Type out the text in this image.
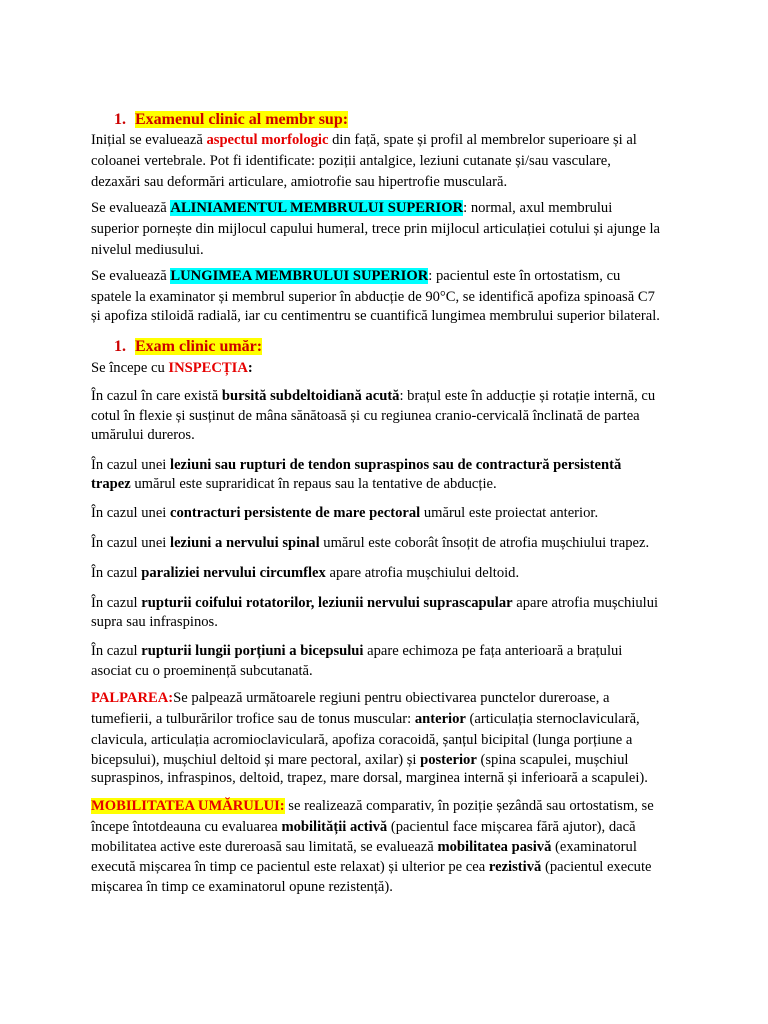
1. Examenul clinic al membr sup:
Inițial se evaluează aspectul morfologic din față, spate și profil al membrelor superioare și al
coloanei vertebrale. Pot fi identificate: poziții antalgice, leziuni cutanate și/sau vasculare,
dezaxări sau deformări articulare, amiotrofie sau hipertrofie musculară.
Se evaluează ALINIAMENTUL MEMBRULUI SUPERIOR: normal, axul membrului
superior pornește din mijlocul capului humeral, trece prin mijlocul articulației cotului și ajunge la
nivelul mediusului.
Se evaluează LUNGIMEA MEMBRULUI SUPERIOR: pacientul este în ortostatism, cu
spatele la examinator și membrul superior în abducție de 90°C, se identifică apofiza spinoasă C7
și apofiza stiloidă radială, iar cu centimentru se cuantifică lungimea membrului superior bilateral.
1. Exam clinic umăr:
Se începe cu INSPECȚIA:
În cazul în care există bursită subdeltoidiană acută: brațul este în adducție și rotație internă, cu
cotul în flexie și susținut de mâna sănătoasă și cu regiunea cranio-cervicală înclinată de partea
umărului dureros.
În cazul unei leziuni sau rupturi de tendon supraspinos sau de contractură persistentă
trapez umărul este supraridicat în repaus sau la tentative de abducție.
În cazul unei contracturi persistente de mare pectoral umărul este proiectat anterior.
În cazul unei leziuni a nervului spinal umărul este coborât însoțit de atrofia mușchiului trapez.
În cazul paraliziei nervului circumflex apare atrofia mușchiului deltoid.
În cazul rupturii coifului rotatorilor, leziunii nervului suprascapular apare atrofia mușchiului
supra sau infraspinos.
În cazul rupturii lungii porțiuni a bicepsului apare echimoza pe fața anterioară a brațului
asociat cu o proeminență subcutanată.
PALPAREA:Se palpează următoarele regiuni pentru obiectivarea punctelor dureroase, a
tumefierii, a tulburărilor trofice sau de tonus muscular: anterior (articulația sternoclaviculară,
clavicula, articulația acromioclaviculară, apofiza coracoidă, șanțul bicipital (lunga porțiune a
bicepsului), mușchiul deltoid și mare pectoral, axilar) și posterior (spina scapulei, mușchiul
supraspinos, infraspinos, deltoid, trapez, mare dorsal, marginea internă și inferioară a scapulei).
MOBILITATEA UMĂRULUI: se realizează comparativ, în poziție șezândă sau ortostatism, se
începe întotdeauna cu evaluarea mobilității activă (pacientul face mișcarea fără ajutor), dacă
mobilitatea active este dureroasă sau limitată, se evaluează mobilitatea pasivă (examinatorul
execută mișcarea în timp ce pacientul este relaxat) și ulterior pe cea rezistivă (pacientul execute
mișcarea în timp ce examinatorul opune rezistență).
